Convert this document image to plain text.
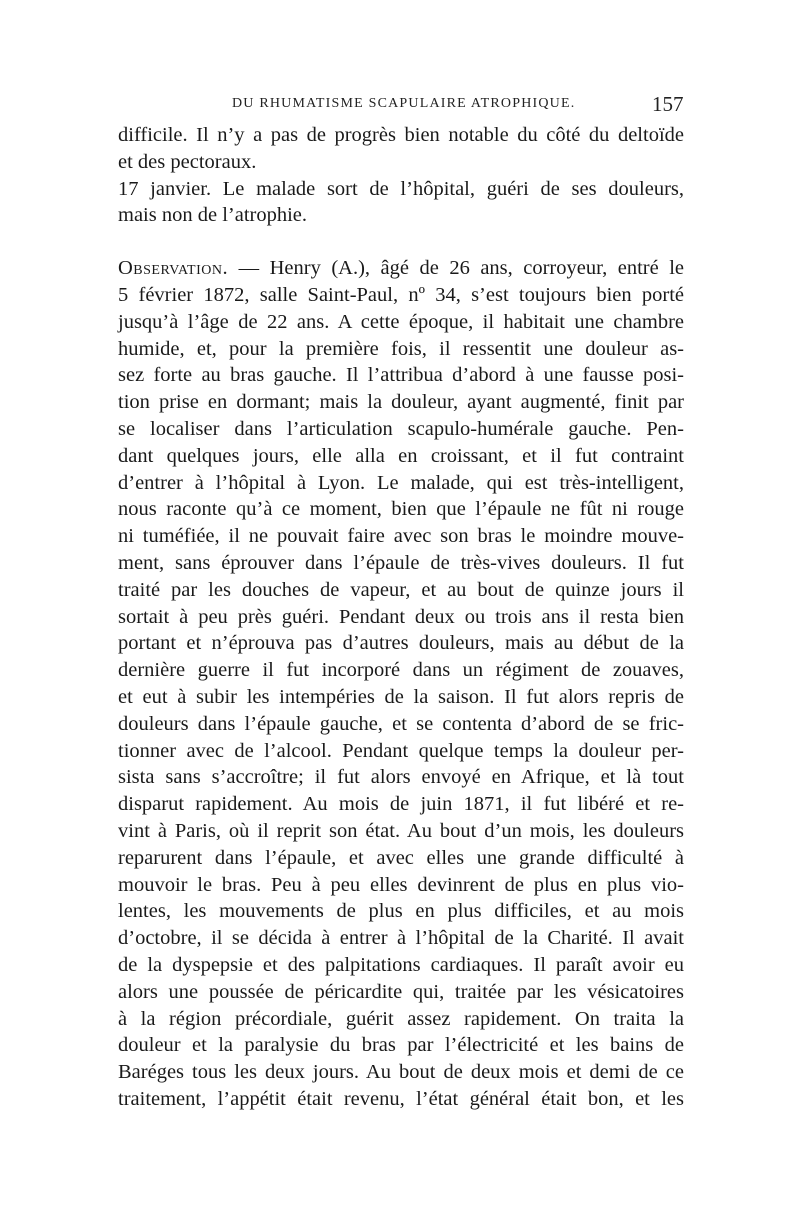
DU RHUMATISME SCAPULAIRE ATROPHIQUE.	157

difficile. Il n’y a pas de progrès bien notable du côté du deltoïde
et des pectoraux.

17 janvier. Le malade sort de l’hôpital, guéri de ses douleurs,
mais non de l’atrophie.

Observation. — Henry (A.), âgé de 26 ans, corroyeur, entré le
5 février 1872, salle Saint-Paul, nº 34, s’est toujours bien porté
jusqu’à l’âge de 22 ans. A cette époque, il habitait une chambre
humide, et, pour la première fois, il ressentit une douleur as-
sez forte au bras gauche. Il l’attribua d’abord à une fausse posi-
tion prise en dormant; mais la douleur, ayant augmenté, finit par
se localiser dans l’articulation scapulo-humérale gauche. Pen-
dant quelques jours, elle alla en croissant, et il fut contraint
d’entrer à l’hôpital à Lyon. Le malade, qui est très-intelligent,
nous raconte qu’à ce moment, bien que l’épaule ne fût ni rouge
ni tuméfiée, il ne pouvait faire avec son bras le moindre mouve-
ment, sans éprouver dans l’épaule de très-vives douleurs. Il fut
traité par les douches de vapeur, et au bout de quinze jours il
sortait à peu près guéri. Pendant deux ou trois ans il resta bien
portant et n’éprouva pas d’autres douleurs, mais au début de la
dernière guerre il fut incorporé dans un régiment de zouaves,
et eut à subir les intempéries de la saison. Il fut alors repris de
douleurs dans l’épaule gauche, et se contenta d’abord de se fric-
tionner avec de l’alcool. Pendant quelque temps la douleur per-
sista sans s’accroître; il fut alors envoyé en Afrique, et là tout
disparut rapidement. Au mois de juin 1871, il fut libéré et re-
vint à Paris, où il reprit son état. Au bout d’un mois, les douleurs
reparurent dans l’épaule, et avec elles une grande difficulté à
mouvoir le bras. Peu à peu elles devinrent de plus en plus vio-
lentes, les mouvements de plus en plus difficiles, et au mois
d’octobre, il se décida à entrer à l’hôpital de la Charité. Il avait
de la dyspepsie et des palpitations cardiaques. Il paraît avoir eu
alors une poussée de péricardite qui, traitée par les vésicatoires
à la région précordiale, guérit assez rapidement. On traita la
douleur et la paralysie du bras par l’électricité et les bains de
Baréges tous les deux jours. Au bout de deux mois et demi de ce
traitement, l’appétit était revenu, l’état général était bon, et les
